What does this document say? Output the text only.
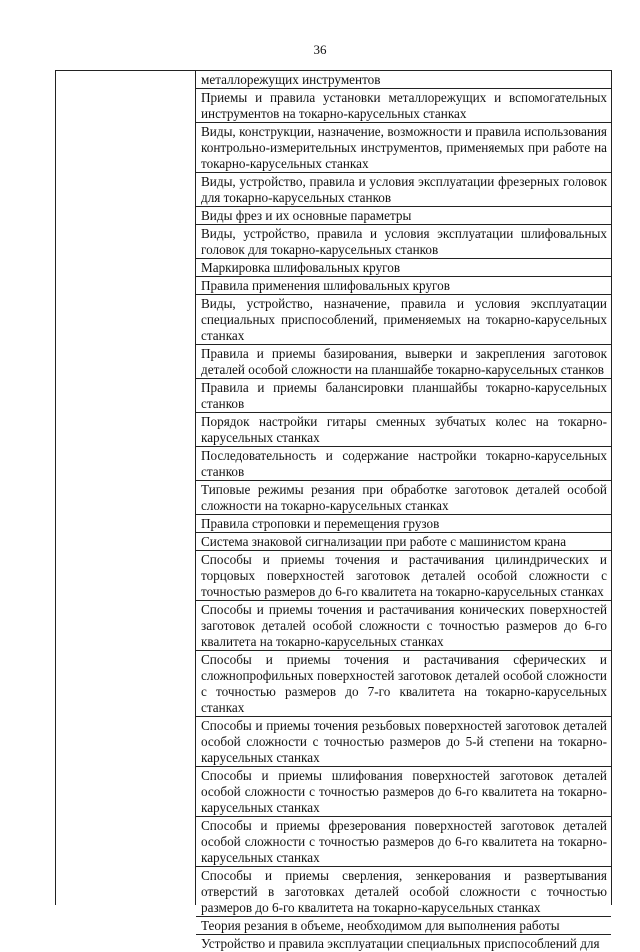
36
металлорежущих инструментов
Приемы и правила установки металлорежущих и вспомогательных инструментов на токарно-карусельных станках
Виды, конструкции, назначение, возможности и правила использования контрольно-измерительных инструментов, применяемых при работе на токарно-карусельных станках
Виды, устройство, правила и условия эксплуатации фрезерных головок для токарно-карусельных станков
Виды фрез и их основные параметры
Виды, устройство, правила и условия эксплуатации шлифовальных головок для токарно-карусельных станков
Маркировка шлифовальных кругов
Правила применения шлифовальных кругов
Виды, устройство, назначение, правила и условия эксплуатации специальных приспособлений, применяемых на токарно-карусельных станках
Правила и приемы базирования, выверки и закрепления заготовок деталей особой сложности на планшайбе токарно-карусельных станков
Правила и приемы балансировки планшайбы токарно-карусельных станков
Порядок настройки гитары сменных зубчатых колес на токарно-карусельных станках
Последовательность и содержание настройки токарно-карусельных станков
Типовые режимы резания при обработке заготовок деталей особой сложности на токарно-карусельных станках
Правила строповки и перемещения грузов
Система знаковой сигнализации при работе с машинистом крана
Способы и приемы точения и растачивания цилиндрических и торцовых поверхностей заготовок деталей особой сложности с точностью размеров до 6-го квалитета на токарно-карусельных станках
Способы и приемы точения и растачивания конических поверхностей заготовок деталей особой сложности с точностью размеров до 6-го квалитета на токарно-карусельных станках
Способы и приемы точения и растачивания сферических и сложнопрофильных поверхностей заготовок деталей особой сложности с точностью размеров до 7-го квалитета на токарно-карусельных станках
Способы и приемы точения резьбовых поверхностей заготовок деталей особой сложности с точностью размеров до 5-й степени на токарно-карусельных станках
Способы и приемы шлифования поверхностей заготовок деталей особой сложности с точностью размеров до 6-го квалитета на токарно-карусельных станках
Способы и приемы фрезерования поверхностей заготовок деталей особой сложности с точностью размеров до 6-го квалитета на токарно-карусельных станках
Способы и приемы сверления, зенкерования и развертывания отверстий в заготовках деталей особой сложности с точностью размеров до 6-го квалитета на токарно-карусельных станках
Теория резания в объеме, необходимом для выполнения работы
Устройство и правила эксплуатации специальных приспособлений для
